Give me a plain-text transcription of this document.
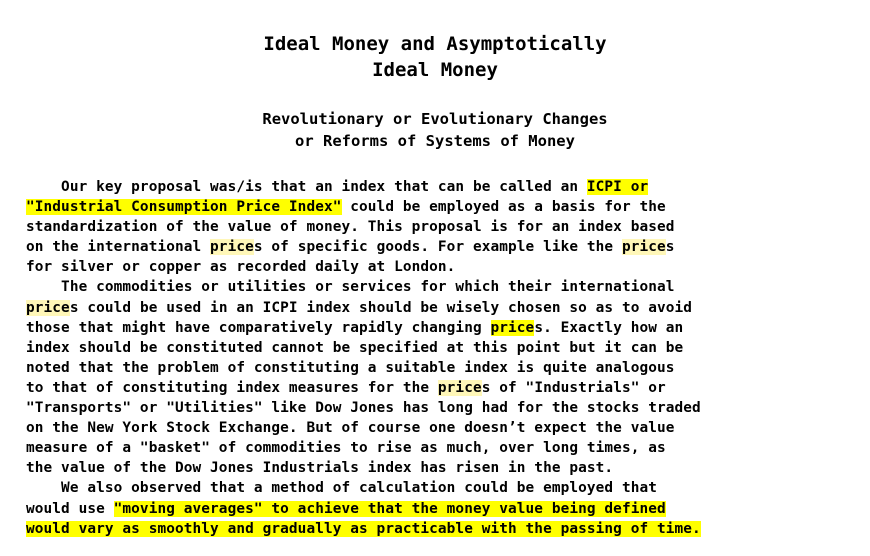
Ideal Money and Asymptotically
Ideal Money
Revolutionary or Evolutionary Changes
or Reforms of Systems of Money
Our key proposal was/is that an index that can be called an ICPI or
"Industrial Consumption Price Index" could be employed as a basis for the
standardization of the value of money. This proposal is for an index based
on the international prices of specific goods. For example like the prices
for silver or copper as recorded daily at London.
The commodities or utilities or services for which their international
prices could be used in an ICPI index should be wisely chosen so as to avoid
those that might have comparatively rapidly changing prices. Exactly how an
index should be constituted cannot be specified at this point but it can be
noted that the problem of constituting a suitable index is quite analogous
to that of constituting index measures for the prices of "Industrials" or
"Transports" or "Utilities" like Dow Jones has long had for the stocks traded
on the New York Stock Exchange. But of course one doesn’t expect the value
measure of a "basket" of commodities to rise as much, over long times, as
the value of the Dow Jones Industrials index has risen in the past.
We also observed that a method of calculation could be employed that
would use "moving averages" to achieve that the money value being defined
would vary as smoothly and gradually as practicable with the passing of time.
